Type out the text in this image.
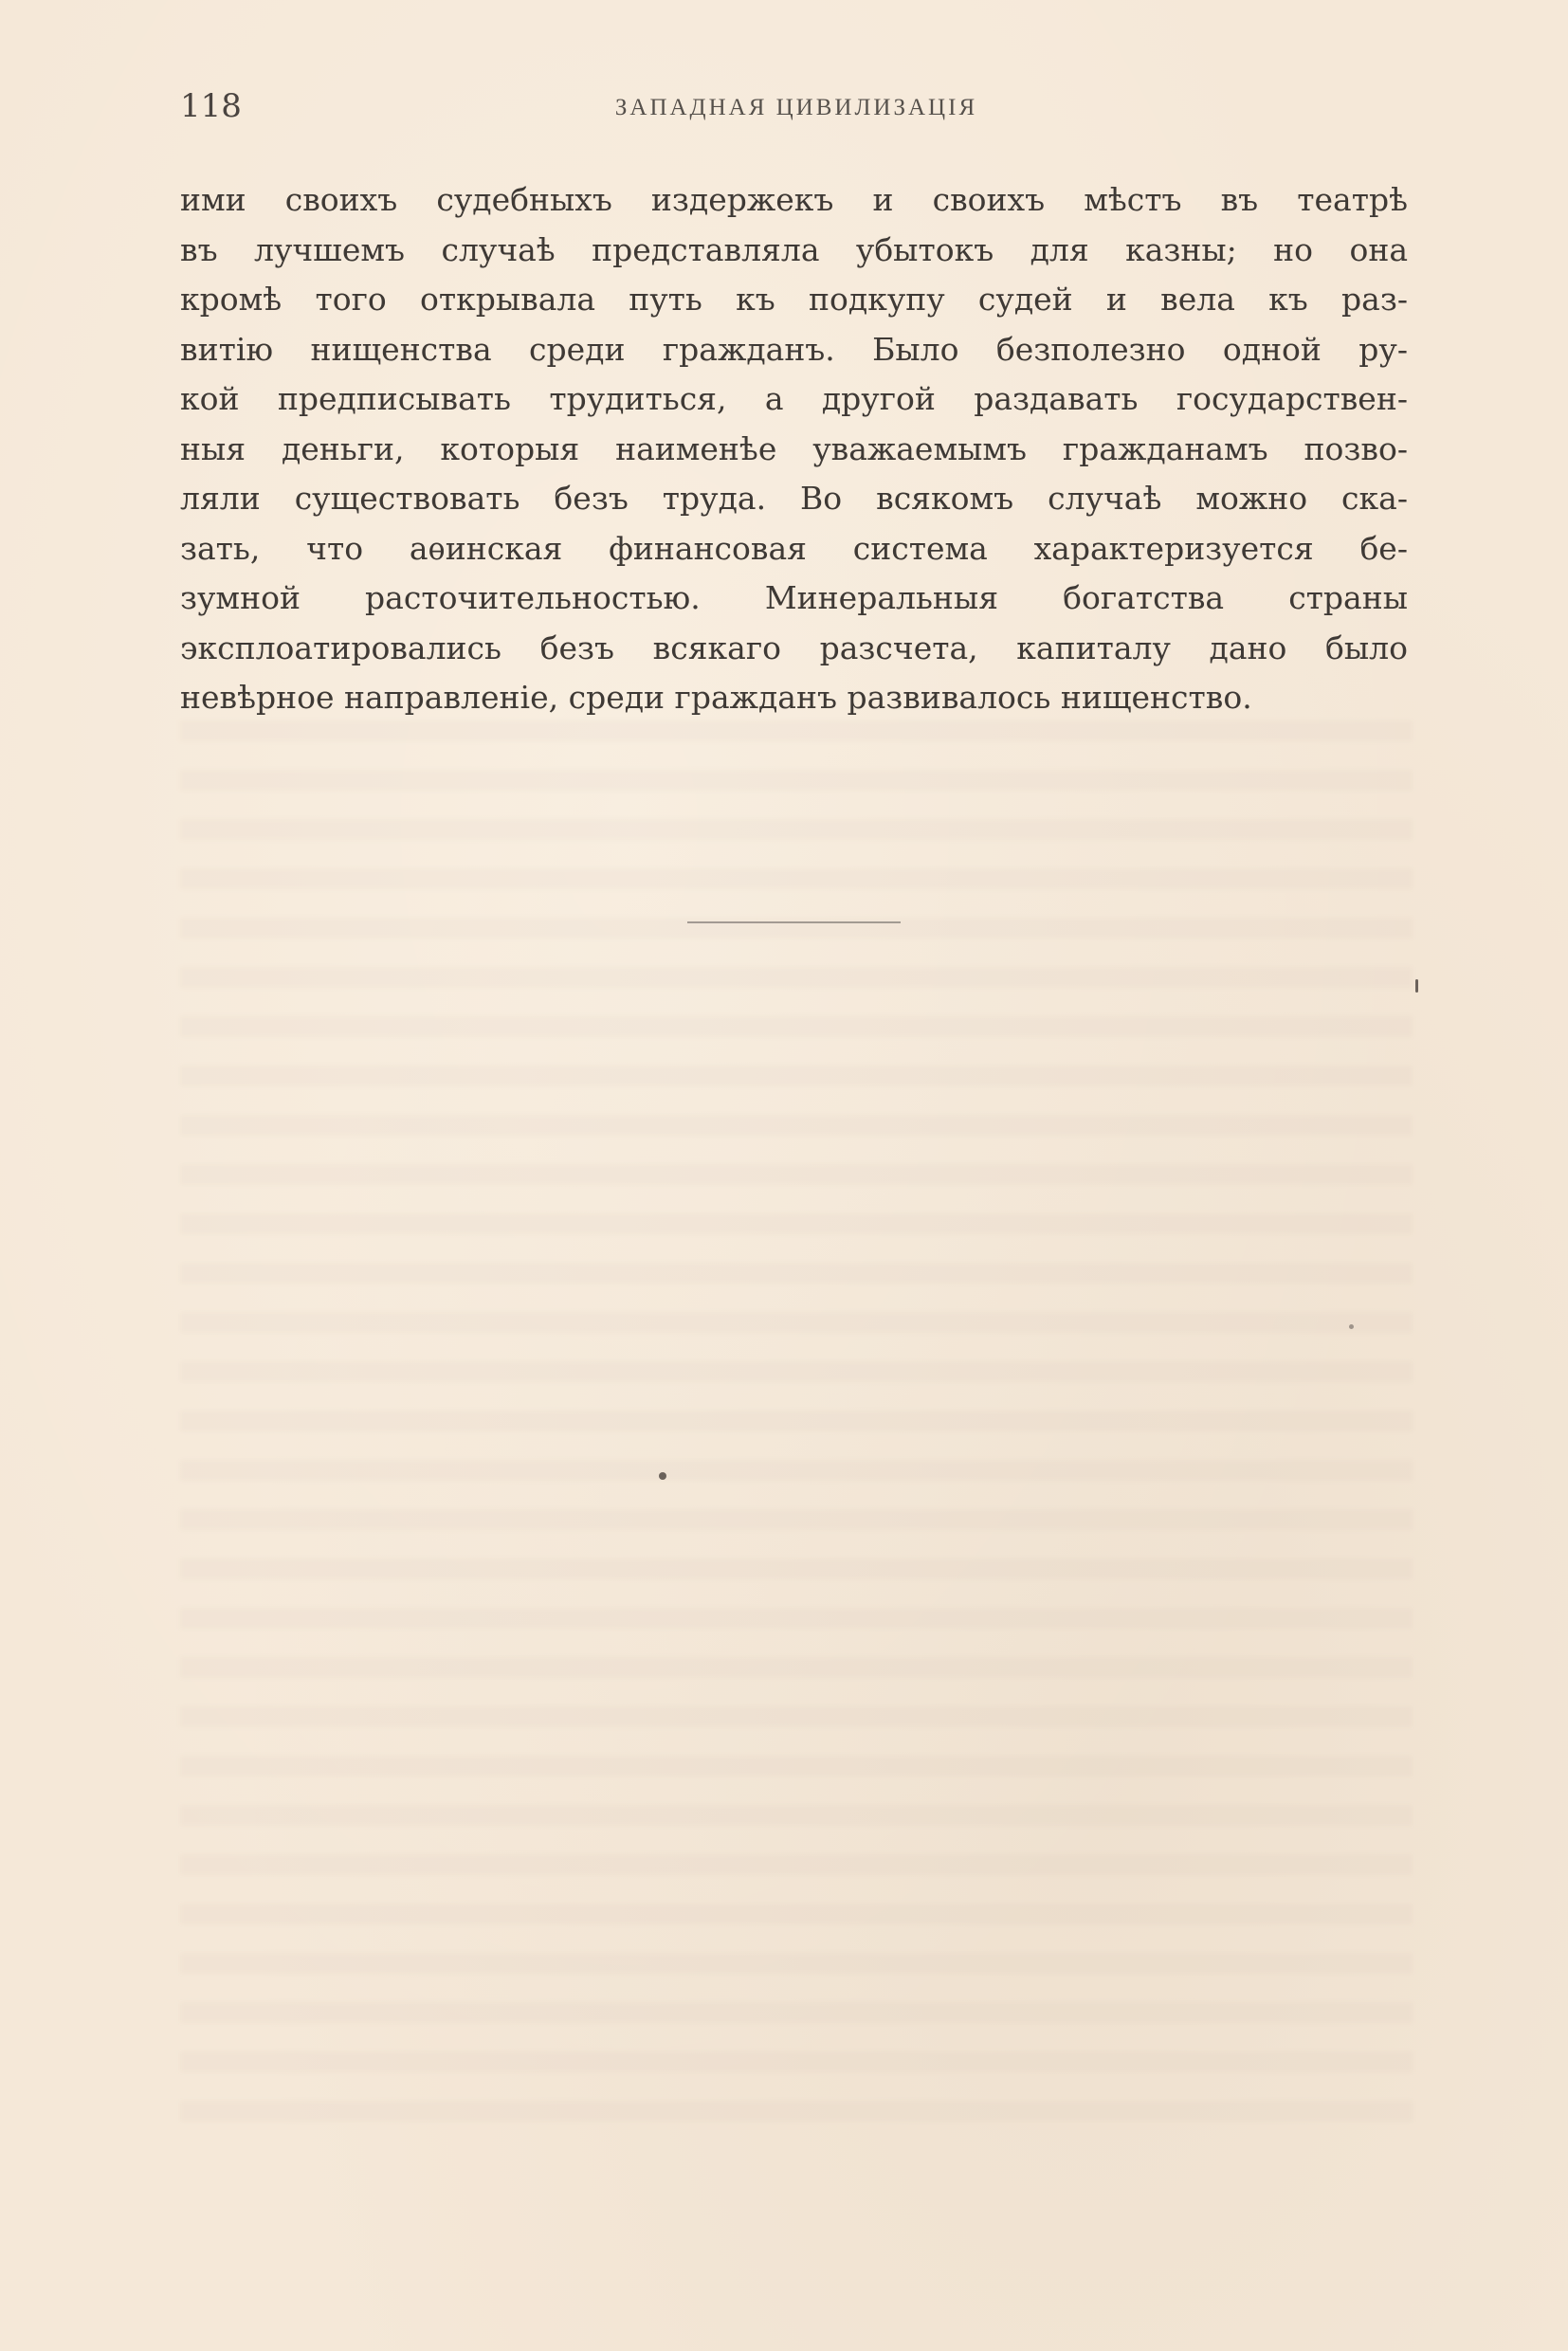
118	ЗАПАДНАЯ ЦИВИЛИЗАЦІЯ
ими своихъ судебныхъ издержекъ и своихъ мѣстъ въ театрѣ
въ лучшемъ случаѣ представляла убытокъ для казны; но она
кромѣ того открывала путь къ подкупу судей и вела къ раз-
витію нищенства среди гражданъ. Было безполезно одной ру-
кой предписывать трудиться, а другой раздавать государствен-
ныя деньги, которыя наименѣе уважаемымъ гражданамъ позво-
ляли существовать безъ труда. Во всякомъ случаѣ можно ска-
зать, что аѳинская финансовая система характеризуется бе-
зумной расточительностью. Минеральныя богатства страны
эксплоатировались безъ всякаго разсчета, капиталу дано было
невѣрное направленіе, среди гражданъ развивалось нищенство.
